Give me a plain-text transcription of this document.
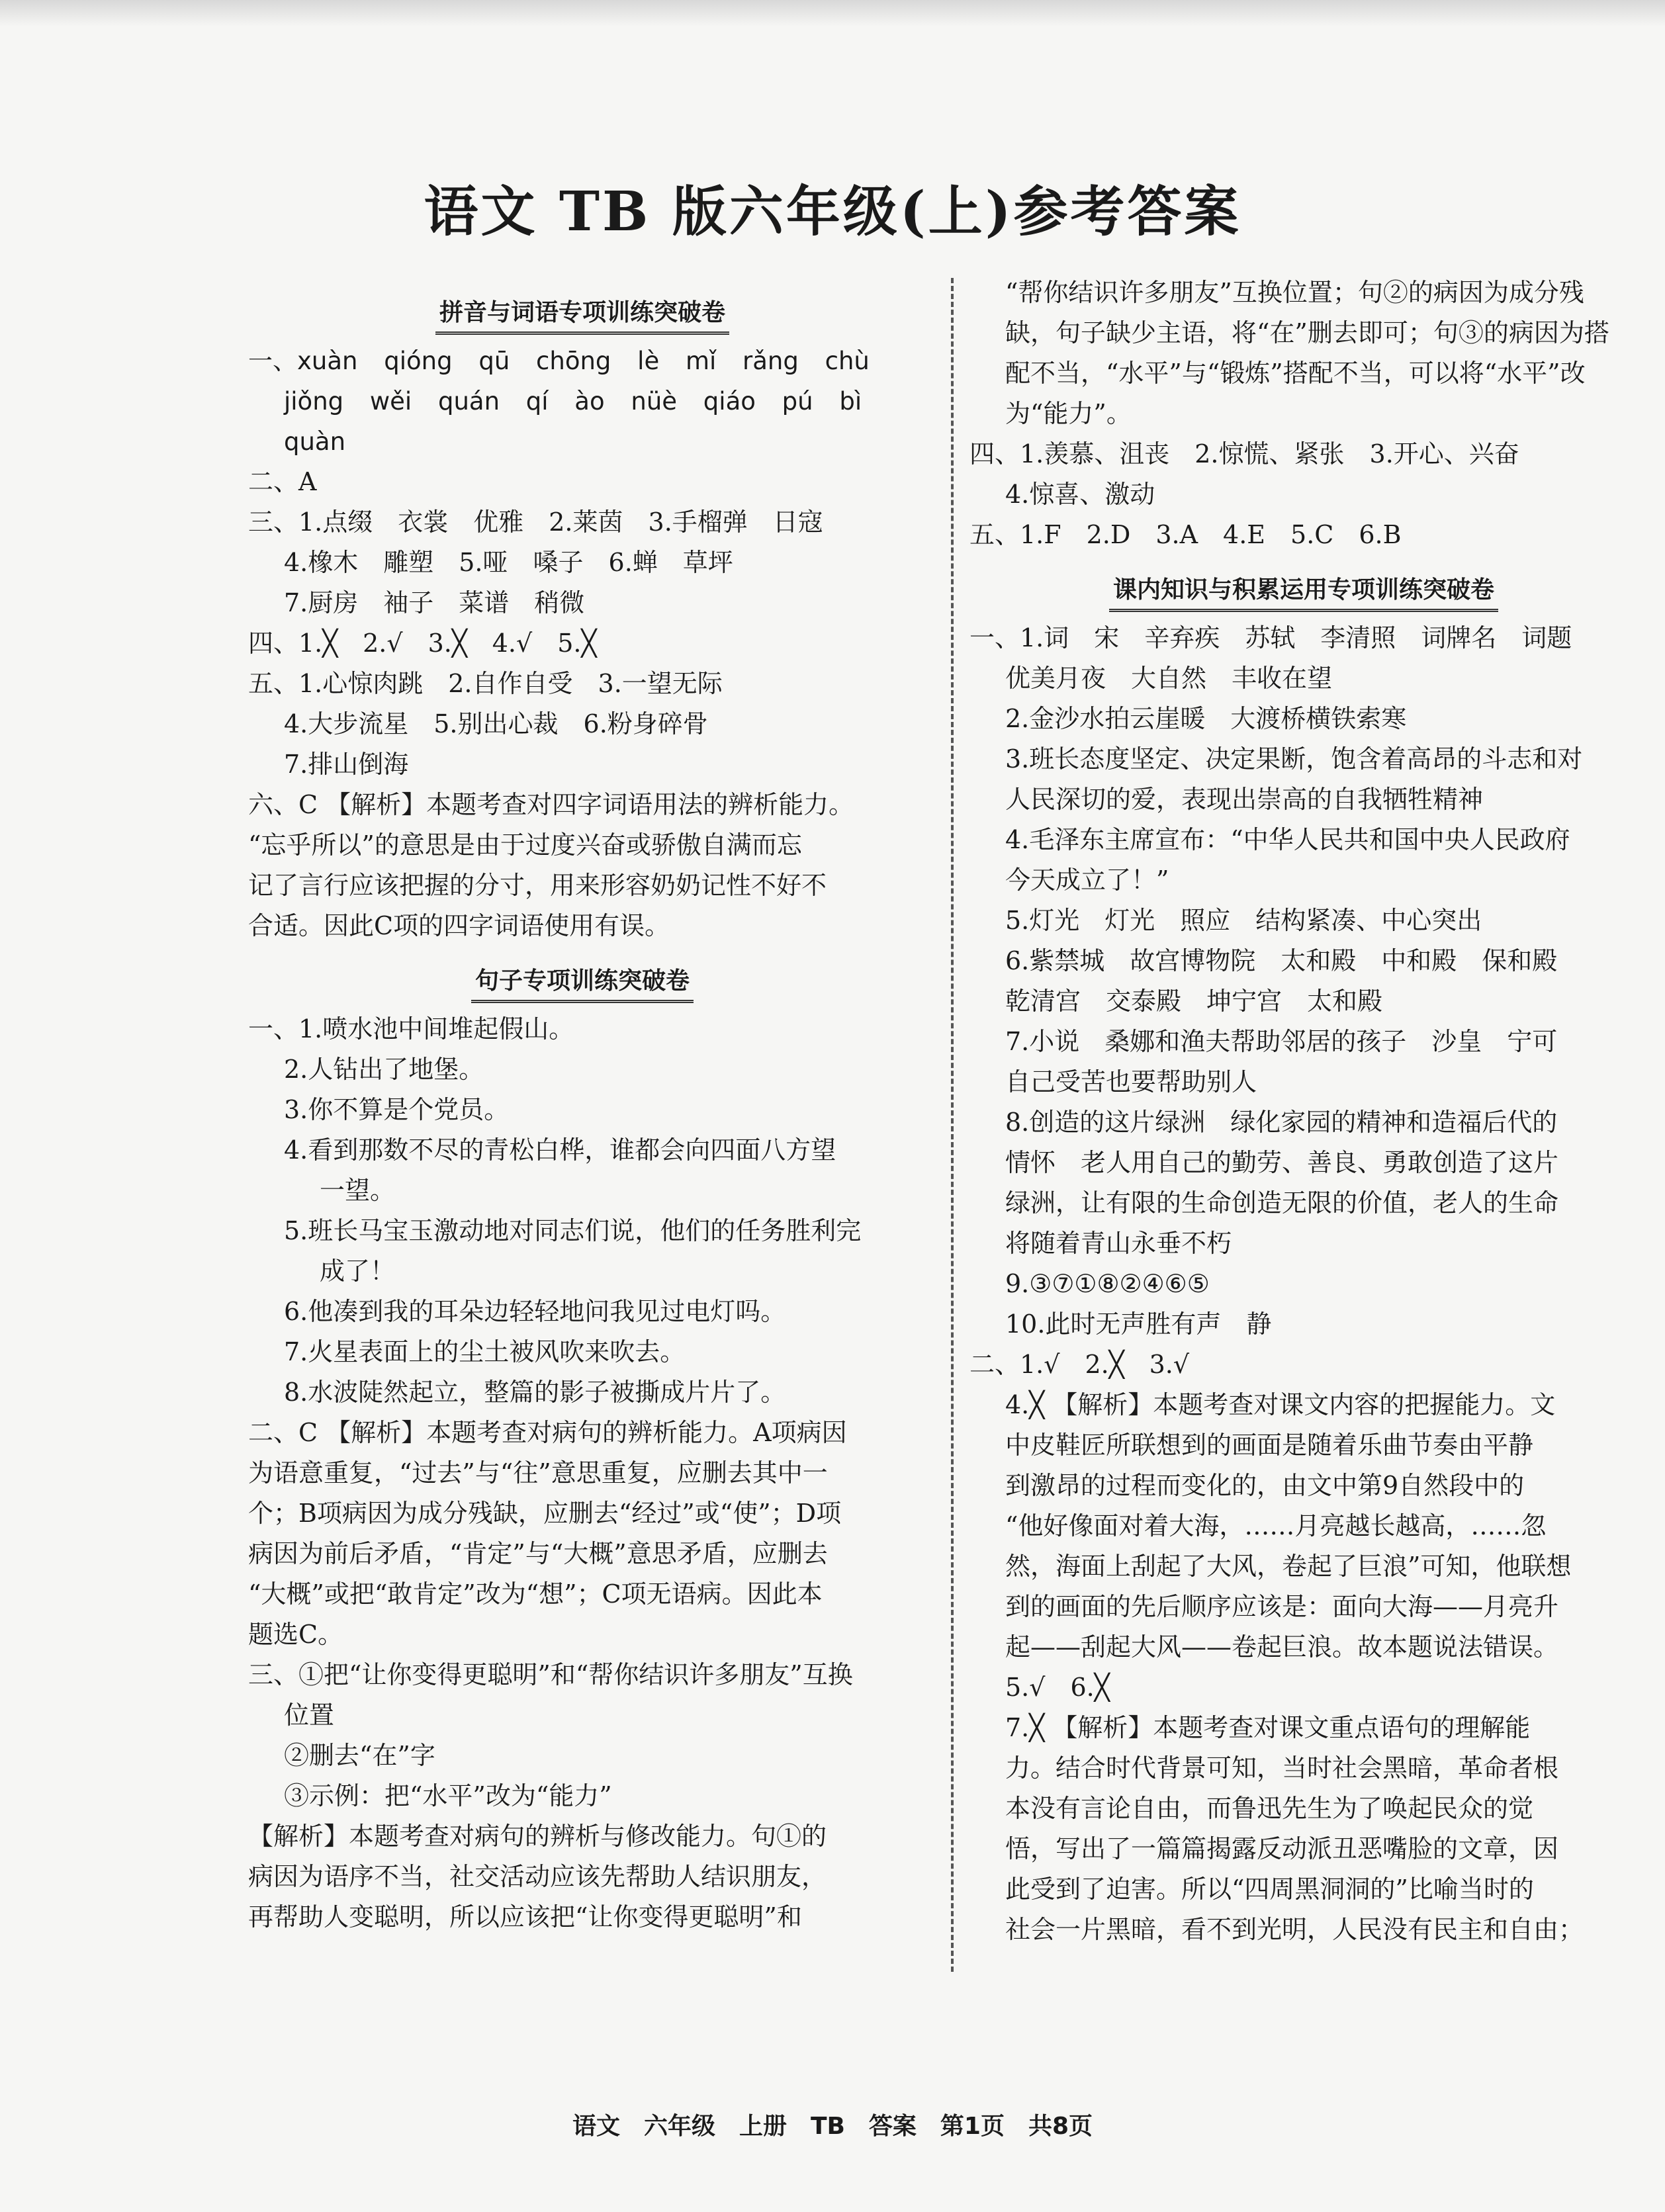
语文 TB 版六年级(上)参考答案
拼音与词语专项训练突破卷
一、xuàn qióng qū chōng lè mǐ rǎng chù
jiǒng wěi quán qí ào nüè qiáo pú bì
quàn
二、A
三、1.点缀　衣裳　优雅　2.莱茵　3.手榴弹　日寇
4.橡木　雕塑　5.哑　嗓子　6.蝉　草坪
7.厨房　袖子　菜谱　稍微
四、1.╳　2.√　3.╳　4.√　5.╳
五、1.心惊肉跳　2.自作自受　3.一望无际
4.大步流星　5.别出心裁　6.粉身碎骨
7.排山倒海
六、C 【解析】本题考查对四字词语用法的辨析能力。
“忘乎所以”的意思是由于过度兴奋或骄傲自满而忘
记了言行应该把握的分寸，用来形容奶奶记性不好不
合适。因此C项的四字词语使用有误。
句子专项训练突破卷
一、1.喷水池中间堆起假山。
2.人钻出了地堡。
3.你不算是个党员。
4.看到那数不尽的青松白桦，谁都会向四面八方望
一望。
5.班长马宝玉激动地对同志们说，他们的任务胜利完
成了！
6.他凑到我的耳朵边轻轻地问我见过电灯吗。
7.火星表面上的尘土被风吹来吹去。
8.水波陡然起立，整篇的影子被撕成片片了。
二、C 【解析】本题考查对病句的辨析能力。A项病因
为语意重复，“过去”与“往”意思重复，应删去其中一
个；B项病因为成分残缺，应删去“经过”或“使”；D项
病因为前后矛盾，“肯定”与“大概”意思矛盾，应删去
“大概”或把“敢肯定”改为“想”；C项无语病。因此本
题选C。
三、①把“让你变得更聪明”和“帮你结识许多朋友”互换
位置
②删去“在”字
③示例：把“水平”改为“能力”
【解析】本题考查对病句的辨析与修改能力。句①的
病因为语序不当，社交活动应该先帮助人结识朋友，
再帮助人变聪明，所以应该把“让你变得更聪明”和
“帮你结识许多朋友”互换位置；句②的病因为成分残
缺，句子缺少主语，将“在”删去即可；句③的病因为搭
配不当，“水平”与“锻炼”搭配不当，可以将“水平”改
为“能力”。
四、1.羡慕、沮丧　2.惊慌、紧张　3.开心、兴奋
4.惊喜、激动
五、1.F　2.D　3.A　4.E　5.C　6.B
课内知识与积累运用专项训练突破卷
一、1.词　宋　辛弃疾　苏轼　李清照　词牌名　词题
优美月夜　大自然　丰收在望
2.金沙水拍云崖暖　大渡桥横铁索寒
3.班长态度坚定、决定果断，饱含着高昂的斗志和对
人民深切的爱，表现出崇高的自我牺牲精神
4.毛泽东主席宣布：“中华人民共和国中央人民政府
今天成立了！”
5.灯光　灯光　照应　结构紧凑、中心突出
6.紫禁城　故宫博物院　太和殿　中和殿　保和殿
乾清宫　交泰殿　坤宁宫　太和殿
7.小说　桑娜和渔夫帮助邻居的孩子　沙皇　宁可
自己受苦也要帮助别人
8.创造的这片绿洲　绿化家园的精神和造福后代的
情怀　老人用自己的勤劳、善良、勇敢创造了这片
绿洲，让有限的生命创造无限的价值，老人的生命
将随着青山永垂不朽
9.③⑦①⑧②④⑥⑤
10.此时无声胜有声　静
二、1.√　2.╳　3.√
4.╳ 【解析】本题考查对课文内容的把握能力。文
中皮鞋匠所联想到的画面是随着乐曲节奏由平静
到激昂的过程而变化的，由文中第9自然段中的
“他好像面对着大海，……月亮越长越高，……忽
然，海面上刮起了大风，卷起了巨浪”可知，他联想
到的画面的先后顺序应该是：面向大海——月亮升
起——刮起大风——卷起巨浪。故本题说法错误。
5.√　6.╳
7.╳ 【解析】本题考查对课文重点语句的理解能
力。结合时代背景可知，当时社会黑暗，革命者根
本没有言论自由，而鲁迅先生为了唤起民众的觉
悟，写出了一篇篇揭露反动派丑恶嘴脸的文章，因
此受到了迫害。所以“四周黑洞洞的”比喻当时的
社会一片黑暗，看不到光明，人民没有民主和自由；
语文　六年级　上册　TB　答案　第1页　共8页
